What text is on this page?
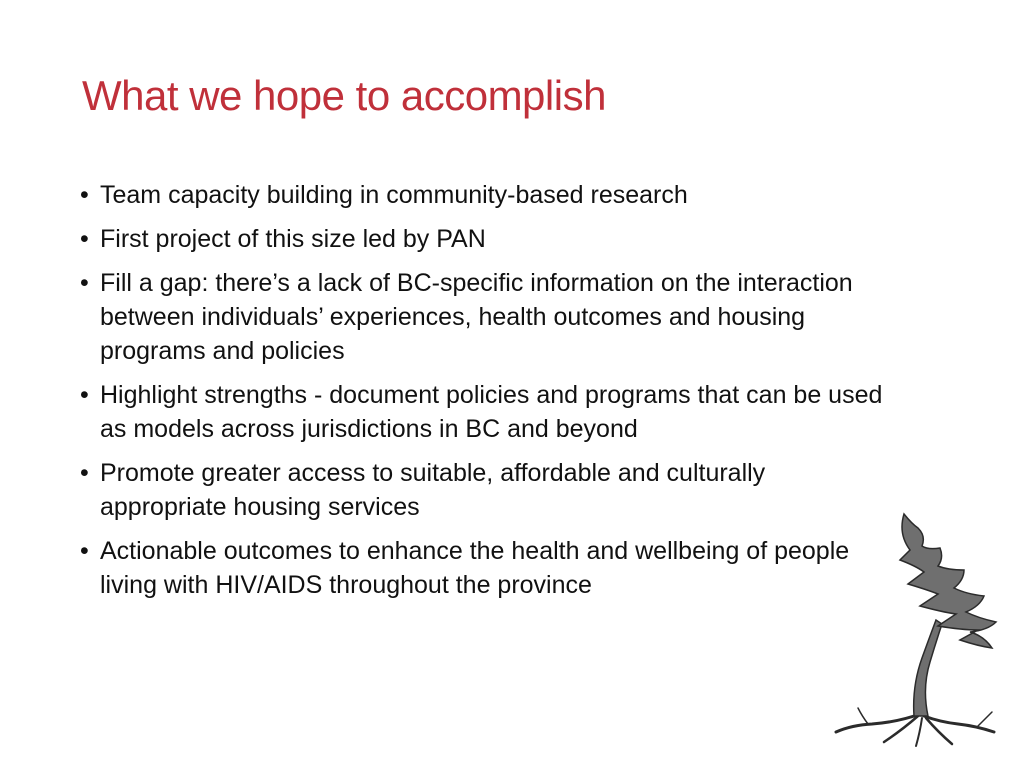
What we hope to accomplish
• Team capacity building in community-based research
• First project of this size led by PAN
• Fill a gap: there’s a lack of BC-specific information on the interaction between individuals’ experiences, health outcomes and housing programs and policies
• Highlight strengths - document policies and programs that can be used as models across jurisdictions in BC and beyond
• Promote greater access to suitable, affordable and culturally appropriate housing services
• Actionable outcomes to enhance the health and wellbeing of people living with HIV/AIDS throughout the province
